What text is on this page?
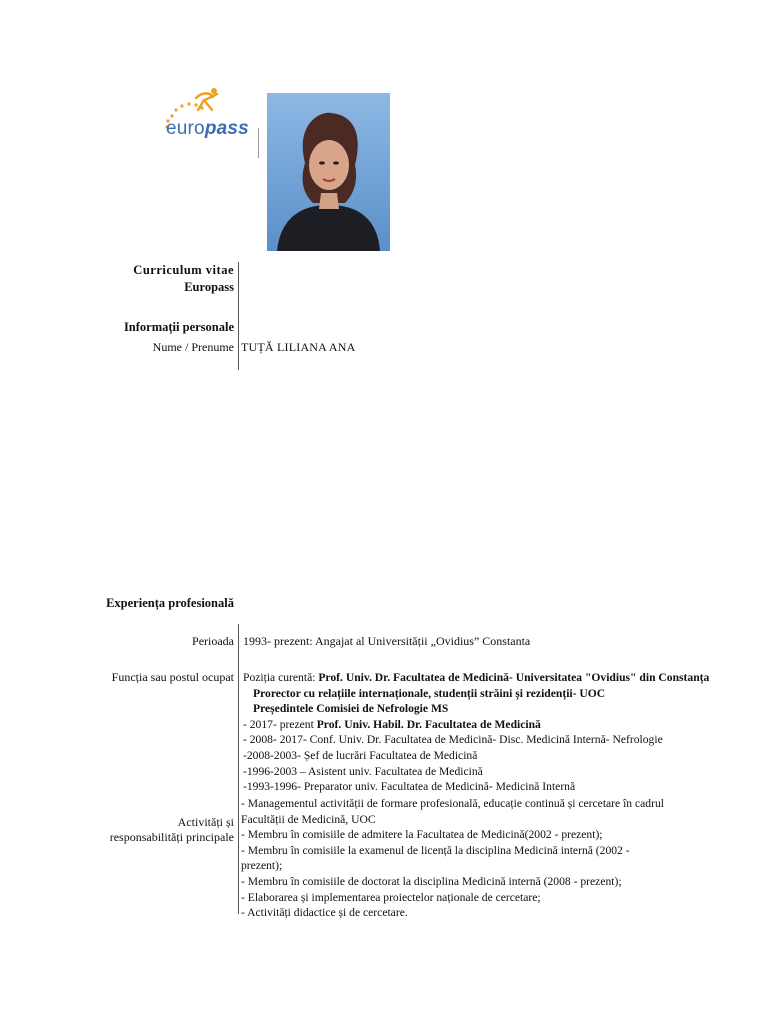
europass
Curriculum vitae
Europass
Informații personale
Nume / Prenume TUȚĂ LILIANA ANA
Experiența profesională
Perioada 1993- prezent: Angajat al Universității „Ovidius” Constanta
Funcția sau postul ocupat Poziția curentă: Prof. Univ. Dr. Facultatea de Medicină- Universitatea "Ovidius" din Constanța
Prorector cu relațiile internaționale, studenții străini și rezidenții- UOC
Președintele Comisiei de Nefrologie MS
- 2017- prezent Prof. Univ. Habil. Dr. Facultatea de Medicină
- 2008- 2017- Conf. Univ. Dr. Facultatea de Medicină- Disc. Medicină Internă- Nefrologie
-2008-2003- Șef de lucrări Facultatea de Medicină
-1996-2003 – Asistent univ. Facultatea de Medicină
-1993-1996- Preparator univ. Facultatea de Medicină- Medicină Internă
Activități și
responsabilități principale
- Managementul activității de formare profesională, educație continuă și cercetare în cadrul
Facultății de Medicină, UOC
- Membru în comisiile de admitere la Facultatea de Medicină(2002 - prezent);
- Membru în comisiile la examenul de licență la disciplina Medicină internă (2002 -
prezent);
- Membru în comisiile de doctorat la disciplina Medicină internă (2008 - prezent);
- Elaborarea și implementarea proiectelor naționale de cercetare;
- Activități didactice și de cercetare.
